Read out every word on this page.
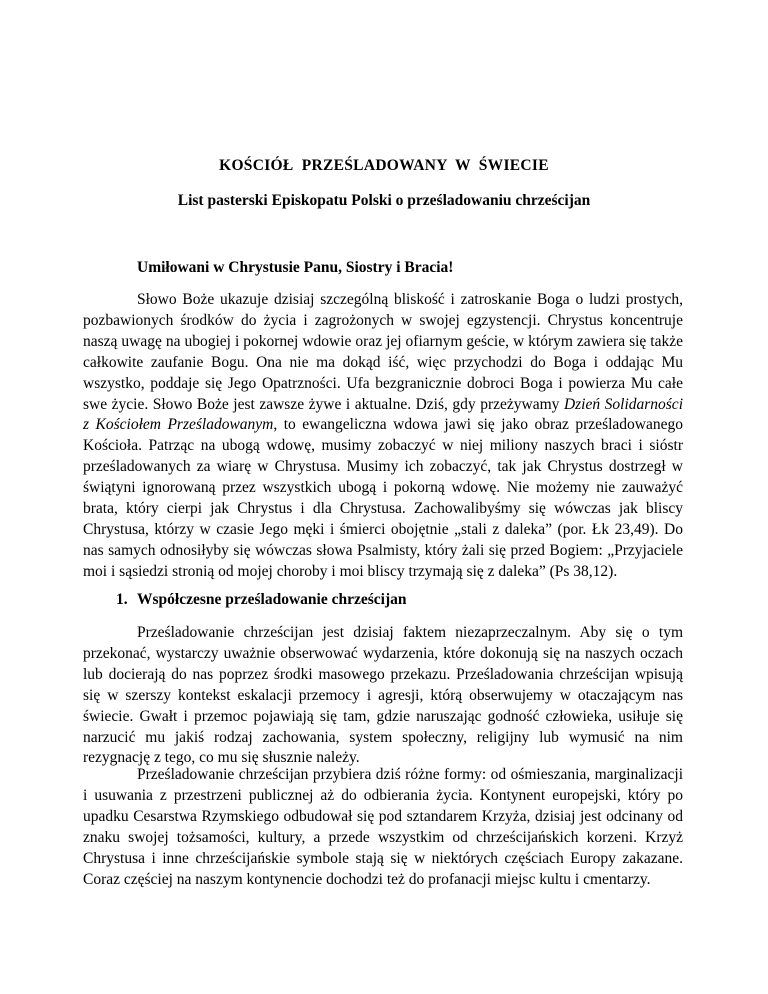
KOŚCIÓŁ PRZEŚLADOWANY W ŚWIECIE
List pasterski Episkopatu Polski o prześladowaniu chrześcijan

Umiłowani w Chrystusie Panu, Siostry i Bracia!

Słowo Boże ukazuje dzisiaj szczególną bliskość i zatroskanie Boga o ludzi prostych, pozbawionych środków do życia i zagrożonych w swojej egzystencji. Chrystus koncentruje naszą uwagę na ubogiej i pokornej wdowie oraz jej ofiarnym geście, w którym zawiera się także całkowite zaufanie Bogu. Ona nie ma dokąd iść, więc przychodzi do Boga i oddając Mu wszystko, poddaje się Jego Opatrzności. Ufa bezgranicznie dobroci Boga i powierza Mu całe swe życie. Słowo Boże jest zawsze żywe i aktualne. Dziś, gdy przeżywamy Dzień Solidarności z Kościołem Prześladowanym, to ewangeliczna wdowa jawi się jako obraz prześladowanego Kościoła. Patrząc na ubogą wdowę, musimy zobaczyć w niej miliony naszych braci i sióstr prześladowanych za wiarę w Chrystusa. Musimy ich zobaczyć, tak jak Chrystus dostrzegł w świątyni ignorowaną przez wszystkich ubogą i pokorną wdowę. Nie możemy nie zauważyć brata, który cierpi jak Chrystus i dla Chrystusa. Zachowalibyśmy się wówczas jak bliscy Chrystusa, którzy w czasie Jego męki i śmierci obojętnie „stali z daleka” (por. Łk 23,49). Do nas samych odnosiłyby się wówczas słowa Psalmisty, który żali się przed Bogiem: „Przyjaciele moi i sąsiedzi stronią od mojej choroby i moi bliscy trzymają się z daleka” (Ps 38,12).

1. Współczesne prześladowanie chrześcijan

Prześladowanie chrześcijan jest dzisiaj faktem niezaprzeczalnym. Aby się o tym przekonać, wystarczy uważnie obserwować wydarzenia, które dokonują się na naszych oczach lub docierają do nas poprzez środki masowego przekazu. Prześladowania chrześcijan wpisują się w szerszy kontekst eskalacji przemocy i agresji, którą obserwujemy w otaczającym nas świecie. Gwałt i przemoc pojawiają się tam, gdzie naruszając godność człowieka, usiłuje się narzucić mu jakiś rodzaj zachowania, system społeczny, religijny lub wymusić na nim rezygnację z tego, co mu się słusznie należy.

Prześladowanie chrześcijan przybiera dziś różne formy: od ośmieszania, marginalizacji i usuwania z przestrzeni publicznej aż do odbierania życia. Kontynent europejski, który po upadku Cesarstwa Rzymskiego odbudował się pod sztandarem Krzyża, dzisiaj jest odcinany od znaku swojej tożsamości, kultury, a przede wszystkim od chrześcijańskich korzeni. Krzyż Chrystusa i inne chrześcijańskie symbole stają się w niektórych częściach Europy zakazane. Coraz częściej na naszym kontynencie dochodzi też do profanacji miejsc kultu i cmentarzy.
